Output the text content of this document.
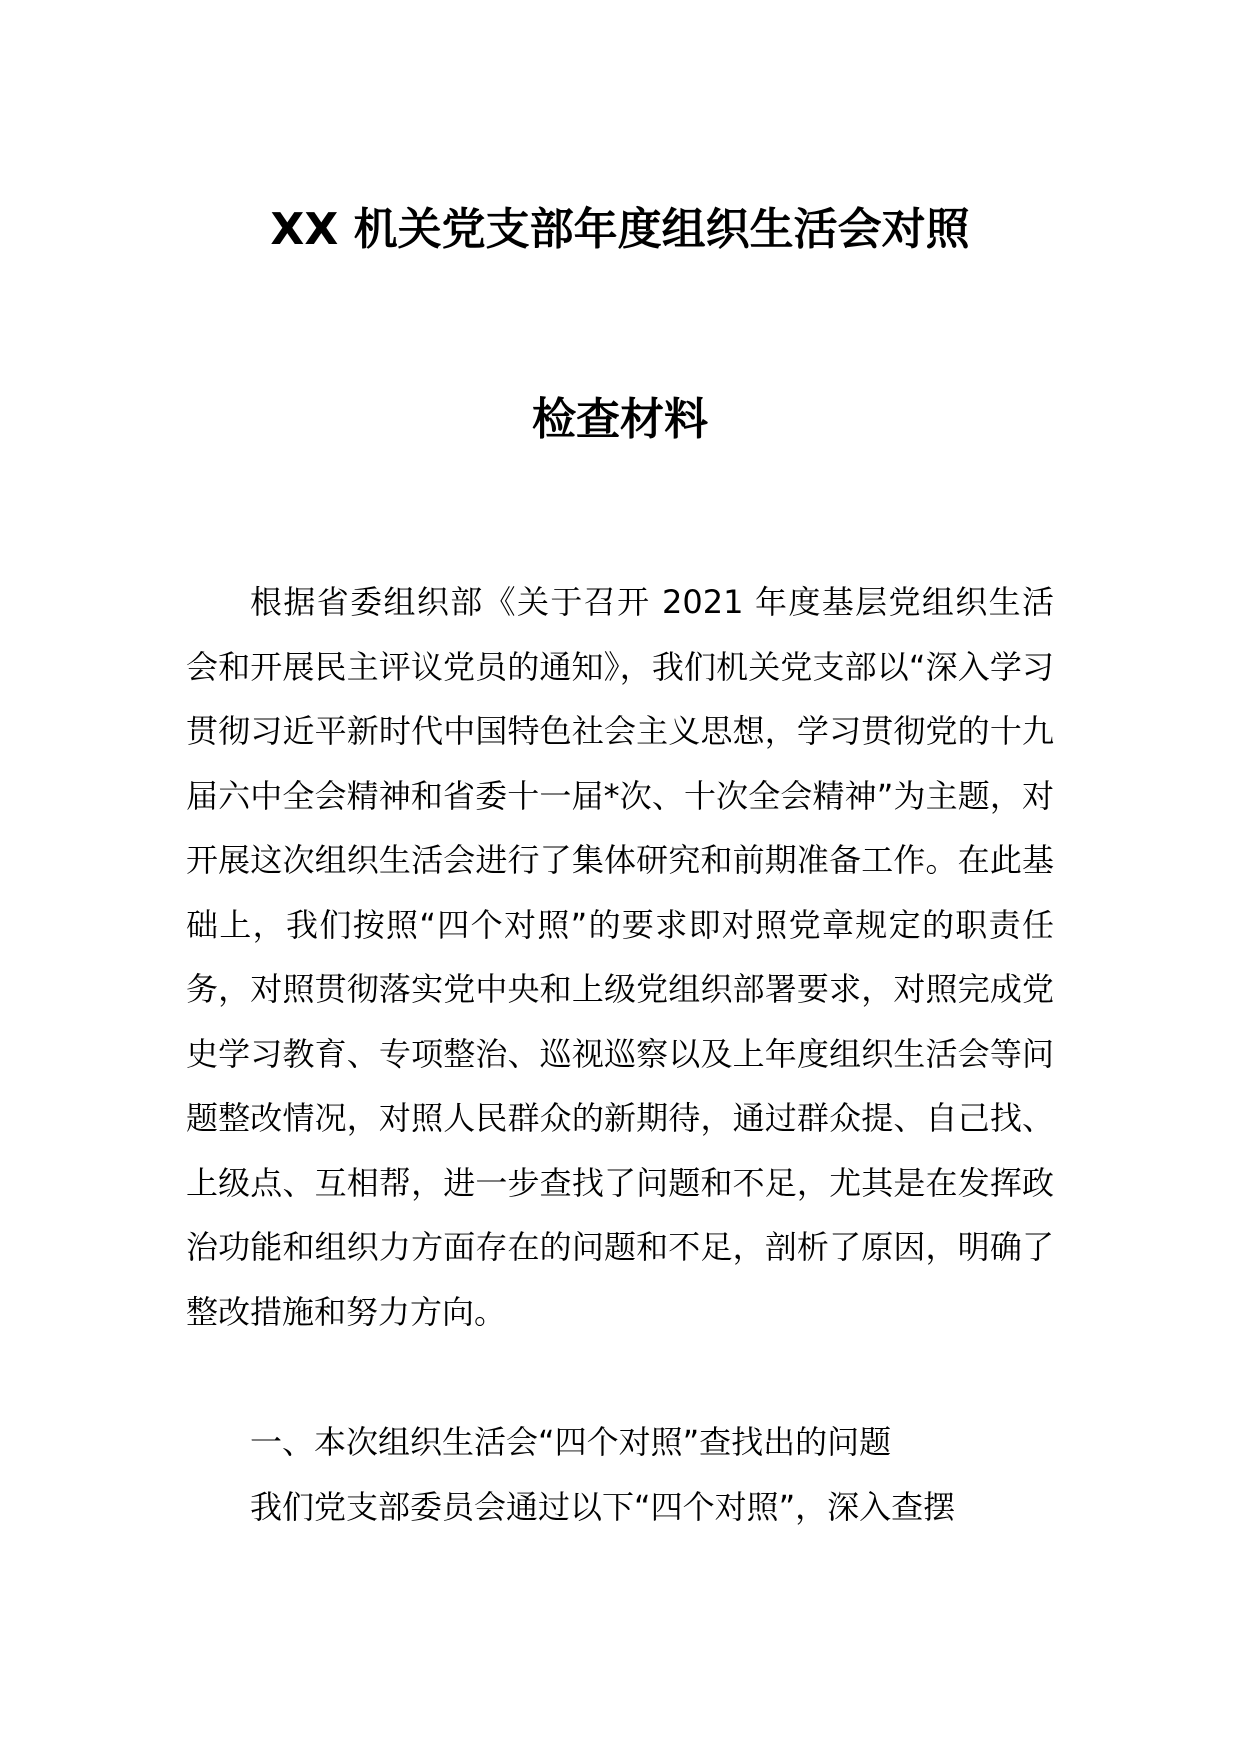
XX 机关党支部年度组织生活会对照
检查材料
根据省委组织部《关于召开 2021 年度基层党组织生活会和开展民主评议党员的通知》，我们机关党支部以“深入学习贯彻习近平新时代中国特色社会主义思想，学习贯彻党的十九届六中全会精神和省委十一届*次、十次全会精神”为主题，对开展这次组织生活会进行了集体研究和前期准备工作。在此基础上，我们按照“四个对照”的要求即对照党章规定的职责任务，对照贯彻落实党中央和上级党组织部署要求，对照完成党史学习教育、专项整治、巡视巡察以及上年度组织生活会等问题整改情况，对照人民群众的新期待，通过群众提、自己找、上级点、互相帮，进一步查找了问题和不足，尤其是在发挥政治功能和组织力方面存在的问题和不足，剖析了原因，明确了整改措施和努力方向。
一、本次组织生活会“四个对照”查找出的问题
我们党支部委员会通过以下“四个对照”，深入查摆
